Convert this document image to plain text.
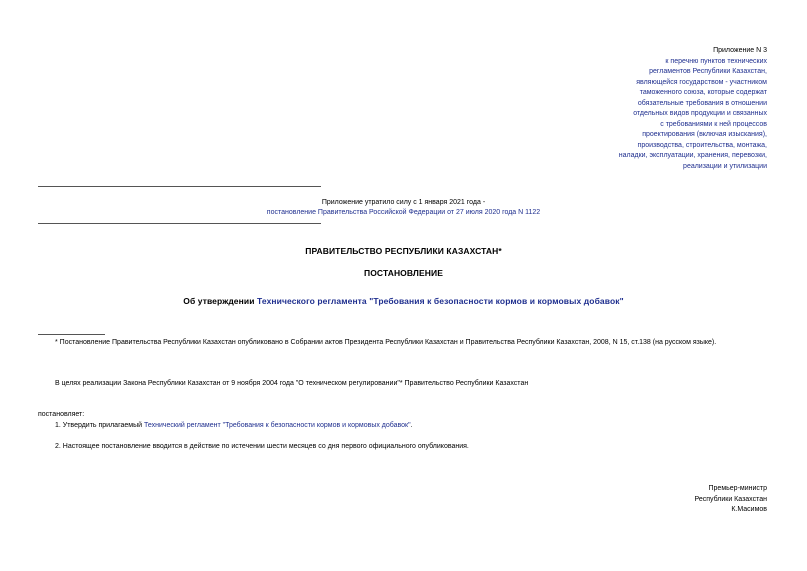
Приложение N 3
к перечню пунктов технических
регламентов Республики Казахстан,
являющейся государством - участником
таможенного союза, которые содержат
обязательные требования в отношении
отдельных видов продукции и связанных
с требованиями к ней процессов
проектирования (включая изыскания),
производства, строительства, монтажа,
наладки, эксплуатации, хранения, перевозки,
реализации и утилизации
Приложение утратило силу с 1 января 2021 года -
постановление Правительства Российской Федерации от 27 июля 2020 года N 1122
ПРАВИТЕЛЬСТВО РЕСПУБЛИКИ КАЗАХСТАН*
ПОСТАНОВЛЕНИЕ
Об утверждении Технического регламента "Требования к безопасности кормов и кормовых добавок"
* Постановление Правительства Республики Казахстан опубликовано в Собрании актов Президента Республики Казахстан и Правительства Республики Казахстан, 2008, N 15, ст.138 (на русском языке).
В целях реализации Закона Республики Казахстан от 9 ноября 2004 года "О техническом регулировании"* Правительство Республики Казахстан
постановляет:
1. Утвердить прилагаемый Технический регламент "Требования к безопасности кормов и кормовых добавок".
2. Настоящее постановление вводится в действие по истечении шести месяцев со дня первого официального опубликования.
Премьер-министр
Республики Казахстан
К.Масимов
